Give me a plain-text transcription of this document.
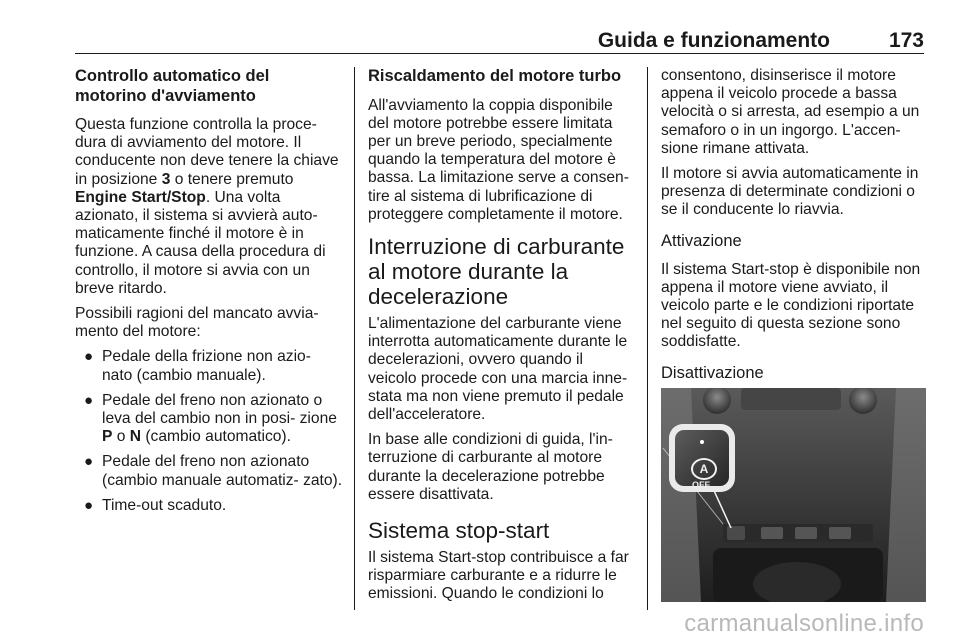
Guida e funzionamento	173
Controllo automatico del motorino d'avviamento

Questa funzione controlla la proce- dura di avviamento del motore. Il conducente non deve tenere la chiave in posizione 3 o tenere premuto Engine Start/Stop. Una volta azionato, il sistema si avvierà auto- maticamente finché il motore è in funzione. A causa della procedura di controllo, il motore si avvia con un breve ritardo.

Possibili ragioni del mancato avvia- mento del motore:

● Pedale della frizione non azio- nato (cambio manuale).
● Pedale del freno non azionato o leva del cambio non in posi- zione P o N (cambio automatico).
● Pedale del freno non azionato (cambio manuale automatiz- zato).
● Time-out scaduto.
Riscaldamento del motore turbo

All'avviamento la coppia disponibile del motore potrebbe essere limitata per un breve periodo, specialmente quando la temperatura del motore è bassa. La limitazione serve a consen- tire al sistema di lubrificazione di proteggere completamente il motore.

Interruzione di carburante al motore durante la decelerazione

L'alimentazione del carburante viene interrotta automaticamente durante le decelerazioni, ovvero quando il veicolo procede con una marcia inne- stata ma non viene premuto il pedale dell'acceleratore.

In base alle condizioni di guida, l'in- terruzione di carburante al motore durante la decelerazione potrebbe essere disattivata.

Sistema stop-start

Il sistema Start-stop contribuisce a far risparmiare carburante e a ridurre le emissioni. Quando le condizioni lo

consentono, disinserisce il motore appena il veicolo procede a bassa velocità o si arresta, ad esempio a un semaforo o in un ingorgo. L'accen- sione rimane attivata.

Il motore si avvia automaticamente in presenza di determinate condizioni o se il conducente lo riavvia.

Attivazione

Il sistema Start-stop è disponibile non appena il motore viene avviato, il veicolo parte e le condizioni riportate nel seguito di questa sezione sono soddisfatte.

Disattivazione
A
OFF
carmanualsonline.info
